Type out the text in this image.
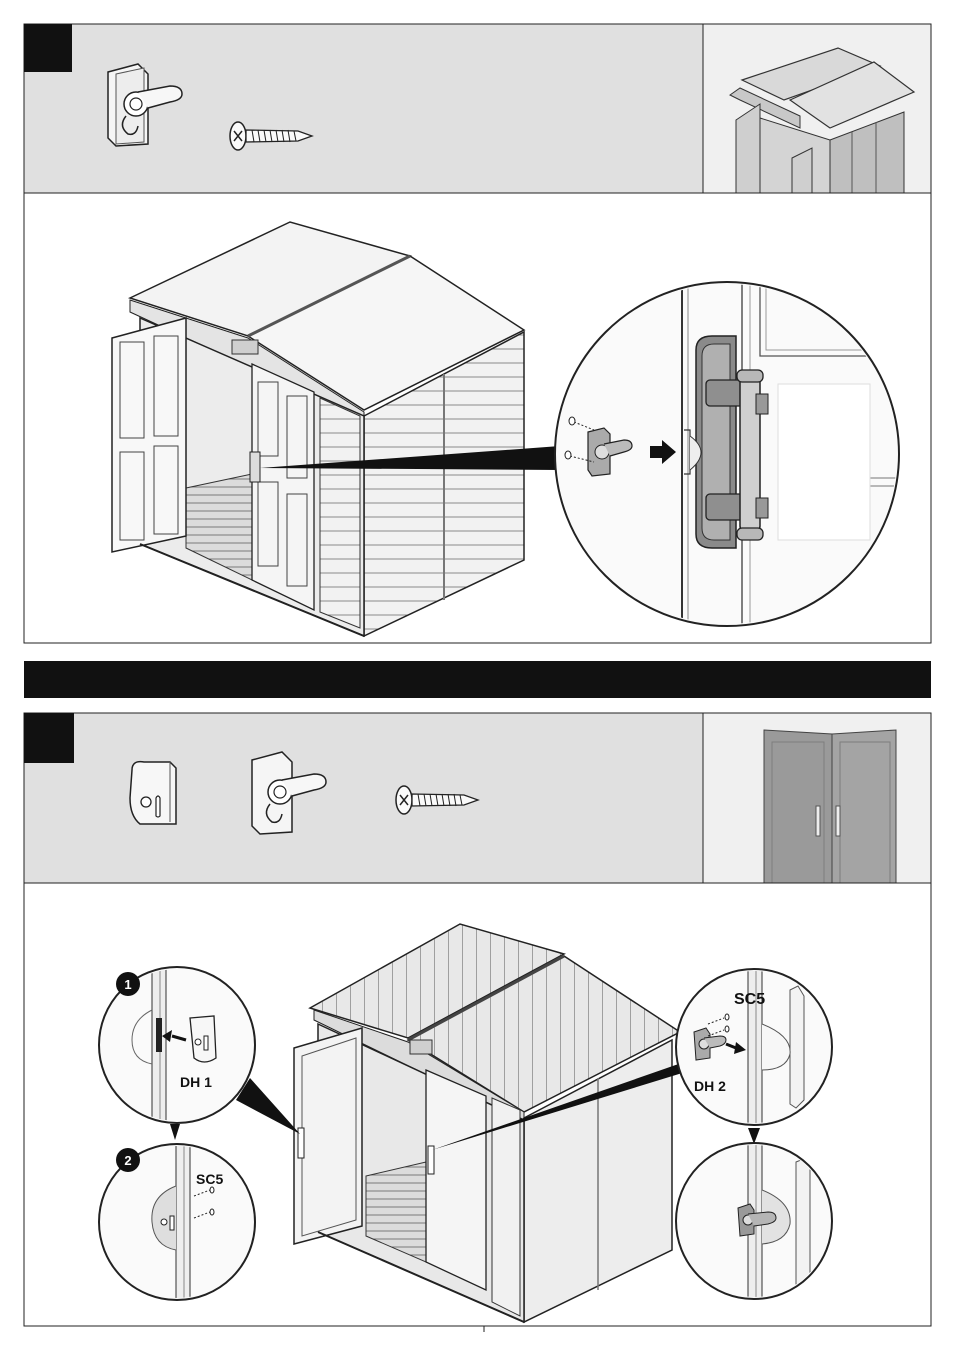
1
DH 1
2
SC5
SC5
DH 2
